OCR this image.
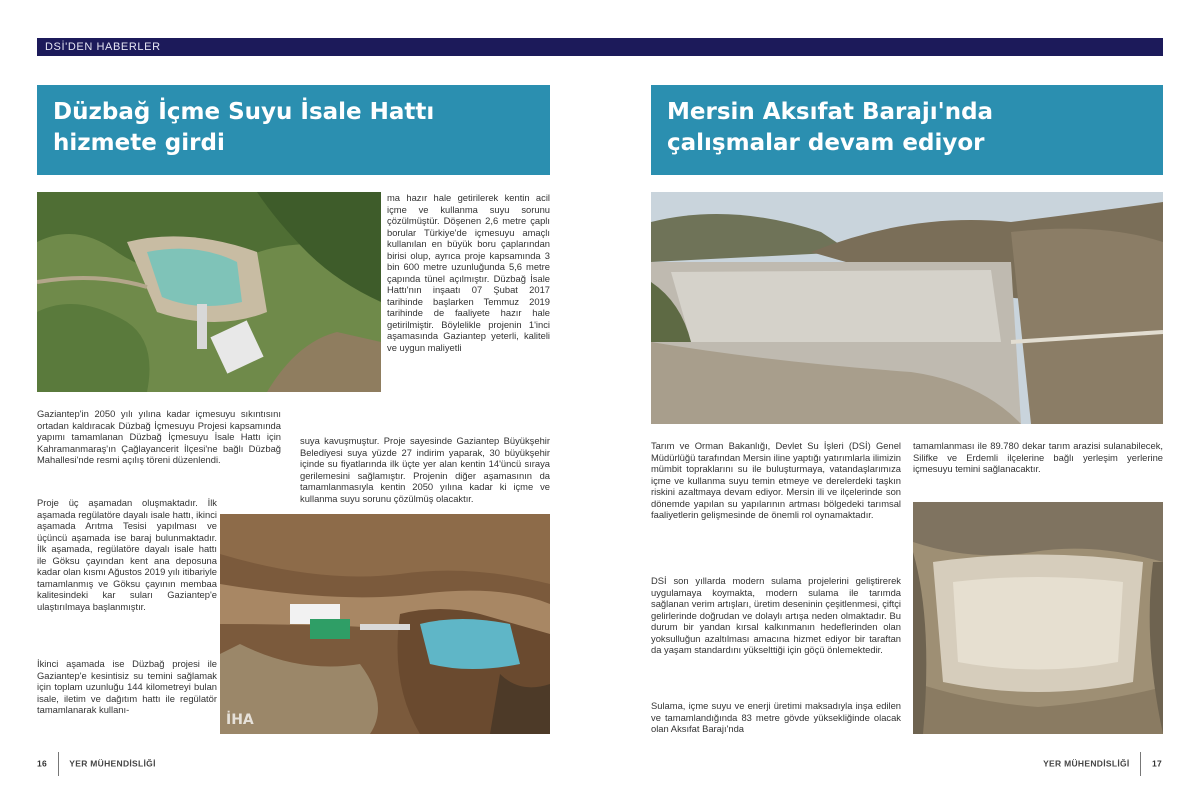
DSİ'DEN HABERLER
Düzbağ İçme Suyu İsale Hattı
hizmete girdi

ma hazır hale getirilerek kentin acil içme ve kullanma suyu sorunu çözülmüştür. Döşenen 2,6 metre çaplı borular Türkiye'de içmesuyu amaçlı kullanılan en büyük boru çaplarından birisi olup, ayrıca proje kapsamında 3 bin 600 metre uzunluğunda 5,6 metre çapında tünel açılmıştır. Düzbağ İsale Hattı'nın inşaatı 07 Şubat 2017 tarihinde başlarken Temmuz 2019 tarihinde de faaliyete hazır hale getirilmiştir. Böylelikle projenin 1'inci aşamasında Gaziantep yeterli, kaliteli ve uygun maliyetli

Gaziantep'in 2050 yılı yılına kadar içmesuyu sıkıntısını ortadan kaldıracak Düzbağ İçmesuyu Projesi kapsamında yapımı tamamlanan Düzbağ İçmesuyu İsale Hattı için Kahramanmaraş'ın Çağlayancerit İlçesi'ne bağlı Düzbağ Mahallesi'nde resmi açılış töreni düzenlendi.

suya kavuşmuştur. Proje sayesinde Gaziantep Büyükşehir Belediyesi suya yüzde 27 indirim yaparak, 30 büyükşehir içinde su fiyatlarında ilk üçte yer alan kentin 14'üncü sıraya gerilemesini sağlamıştır. Projenin diğer aşamasının da tamamlanmasıyla kentin 2050 yılına kadar ki içme ve kullanma suyu sorunu çözülmüş olacaktır.

Proje üç aşamadan oluşmaktadır. İlk aşamada regülatöre dayalı isale hattı, ikinci aşamada Arıtma Tesisi yapılması ve üçüncü aşamada ise baraj bulunmaktadır. İlk aşamada, regülatöre dayalı isale hattı ile Göksu çayından kent ana deposuna kadar olan kısmı Ağustos 2019 yılı itibariyle tamamlanmış ve Göksu çayının membaa kalitesindeki kar suları Gaziantep'e ulaştırılmaya başlanmıştır.

İkinci aşamada ise Düzbağ projesi ile Gaziantep'e kesintisiz su temini sağlamak için toplam uzunluğu 144 kilometreyi bulan isale, iletim ve dağıtım hattı ile regülatör tamamlanarak kullanı-

İHA
16	YER MÜHENDİSLİĞİ
Mersin Aksıfat Barajı'nda
çalışmalar devam ediyor

Tarım ve Orman Bakanlığı, Devlet Su İşleri (DSİ) Genel Müdürlüğü tarafından Mersin iline yaptığı yatırımlarla ilimizin mümbit topraklarını su ile buluşturmaya, vatandaşlarımıza içme ve kullanma suyu temin etmeye ve derelerdeki taşkın riskini azaltmaya devam ediyor. Mersin ili ve ilçelerinde son dönemde yapılan su yapılarının artması bölgedeki tarımsal faaliyetlerin gelişmesinde de önemli rol oynamaktadır.

DSİ son yıllarda modern sulama projelerini geliştirerek uygulamaya koymakta, modern sulama ile tarımda sağlanan verim artışları, üretim deseninin çeşitlenmesi, çiftçi gelirlerinde doğrudan ve dolaylı artışa neden olmaktadır. Bu durum bir yandan kırsal kalkınmanın hedeflerinden olan yoksulluğun azaltılması amacına hizmet ediyor bir taraftan da yaşam standardını yükselttiği için göçü önlemektedir.

Sulama, içme suyu ve enerji üretimi maksadıyla inşa edilen ve tamamlandığında 83 metre gövde yüksekliğinde olacak olan Aksıfat Barajı'nda

tamamlanması ile 89.780 dekar tarım arazisi sulanabilecek, Silifke ve Erdemli ilçelerine bağlı yerleşim yerlerine içmesuyu temini sağlanacaktır.

YER MÜHENDİSLİĞİ	17
